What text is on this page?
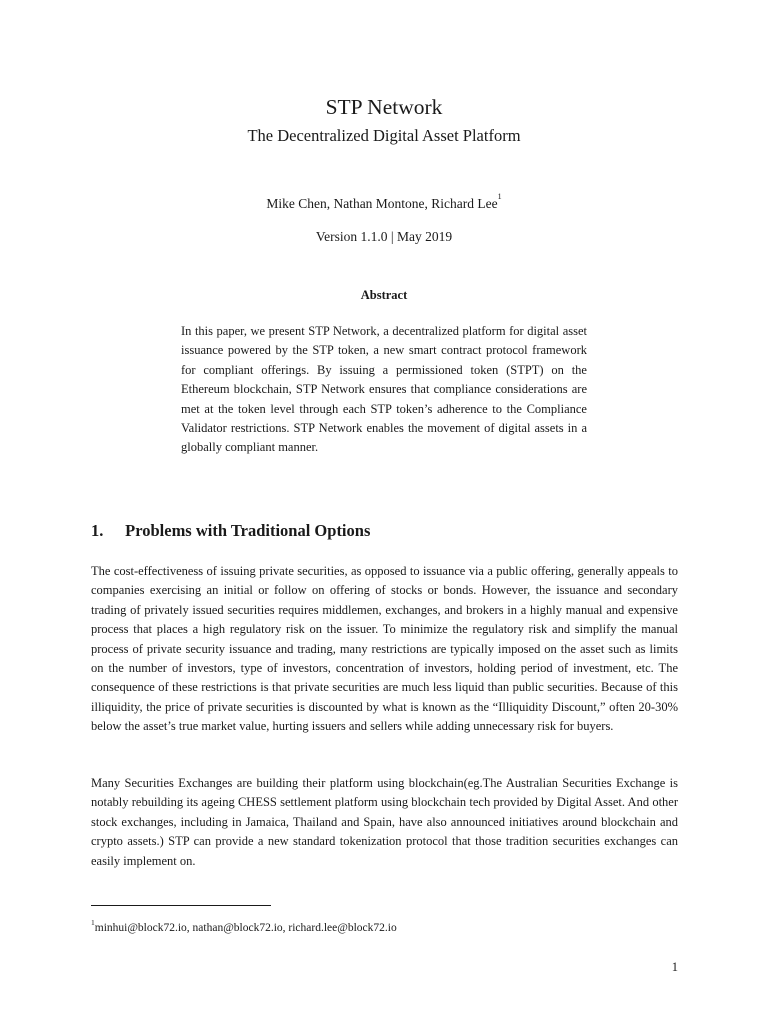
STP Network
The Decentralized Digital Asset Platform
Mike Chen, Nathan Montone, Richard Lee$^1$
Version 1.1.0 | May 2019
Abstract

In this paper, we present STP Network, a decentralized platform for digital asset issuance powered by the STP token, a new smart contract protocol framework for compliant offerings. By issuing a permissioned token (STPT) on the Ethereum blockchain, STP Network ensures that compliance considerations are met at the token level through each STP token’s adherence to the Compliance Validator restrictions. STP Network enables the movement of digital assets in a globally compliant manner.

1. Problems with Traditional Options

The cost-effectiveness of issuing private securities, as opposed to issuance via a public offering, generally appeals to companies exercising an initial or follow on offering of stocks or bonds. However, the issuance and secondary trading of privately issued securities requires middlemen, exchanges, and brokers in a highly manual and expensive process that places a high regulatory risk on the issuer. To minimize the regulatory risk and simplify the manual process of private security issuance and trading, many restrictions are typically imposed on the asset such as limits on the number of investors, type of investors, concentration of investors, holding period of investment, etc. The consequence of these restrictions is that private securities are much less liquid than public securities. Because of this illiquidity, the price of private securities is discounted by what is known as the “Illiquidity Discount,” often 20-30% below the asset’s true market value, hurting issuers and sellers while adding unnecessary risk for buyers.

Many Securities Exchanges are building their platform using blockchain(eg.The Australian Securities Exchange is notably rebuilding its ageing CHESS settlement platform using blockchain tech provided by Digital Asset. And other stock exchanges, including in Jamaica, Thailand and Spain, have also announced initiatives around blockchain and crypto assets.) STP can provide a new standard tokenization protocol that those tradition securities exchanges can easily implement on.

$^1$minhui@block72.io, nathan@block72.io, richard.lee@block72.io

1
